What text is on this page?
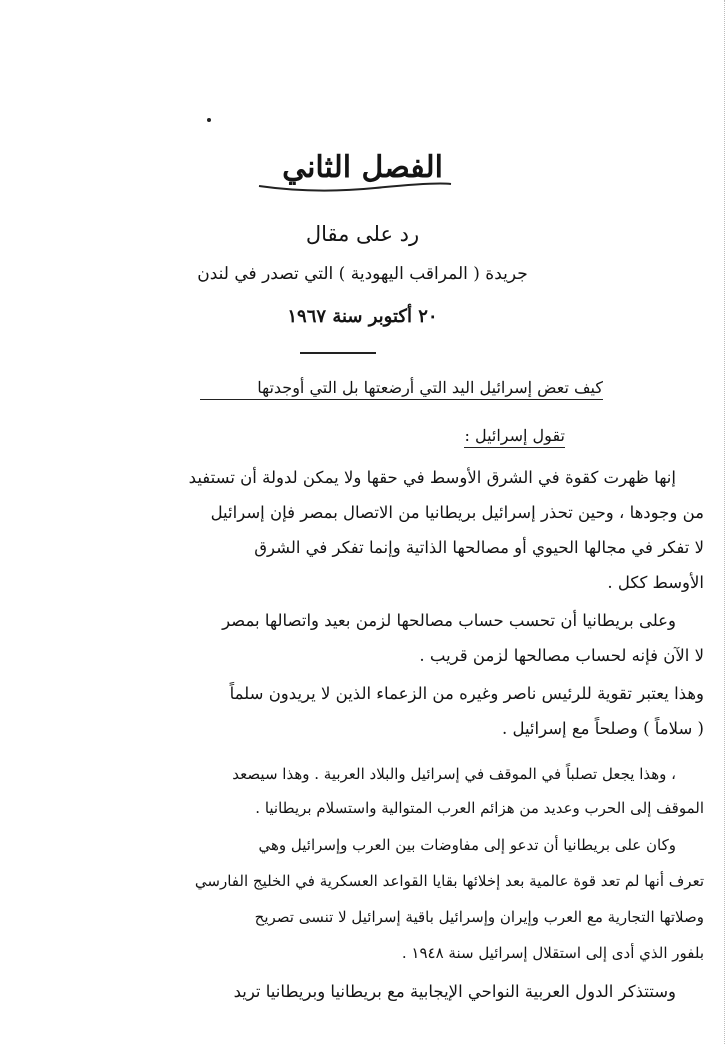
الفصل الثاني
رد على مقال
جريدة ( المراقب اليهودية ) التي تصدر في لندن
٢٠ أكتوبر سنة ١٩٦٧
كيف تعض إسرائيل اليد التي أرضعتها بل التي أوجدتها
تقول إسرائيل :
إنها ظهرت كقوة في الشرق الأوسط في حقها ولا يمكن لدولة أن تستفيد
من وجودها ، وحين تحذر إسرائيل بريطانيا من الاتصال بمصر فإن إسرائيل
لا تفكر في مجالها الحيوي أو مصالحها الذاتية وإنما تفكر في الشرق
الأوسط ككل .
وعلى بريطانيا أن تحسب حساب مصالحها لزمن بعيد واتصالها بمصر
لا الآن فإنه لحساب مصالحها لزمن قريب .
وهذا يعتبر تقوية للرئيس ناصر وغيره من الزعماء الذين لا يريدون سلماً
( سلاماً ) وصلحاً مع إسرائيل .
، وهذا يجعل تصلباً في الموقف في إسرائيل والبلاد العربية . وهذا سيصعد
الموقف إلى الحرب وعديد من هزائم العرب المتوالية واستسلام بريطانيا .
وكان على بريطانيا أن تدعو إلى مفاوضات بين العرب وإسرائيل وهي
تعرف أنها لم تعد قوة عالمية بعد إخلائها بقايا القواعد العسكرية في الخليج الفارسي
وصلاتها التجارية مع العرب وإيران وإسرائيل باقية إسرائيل لا تنسى تصريح
بلفور الذي أدى إلى استقلال إسرائيل سنة ١٩٤٨ .
وستتذكر الدول العربية النواحي الإيجابية مع بريطانيا وبريطانيا تريد
